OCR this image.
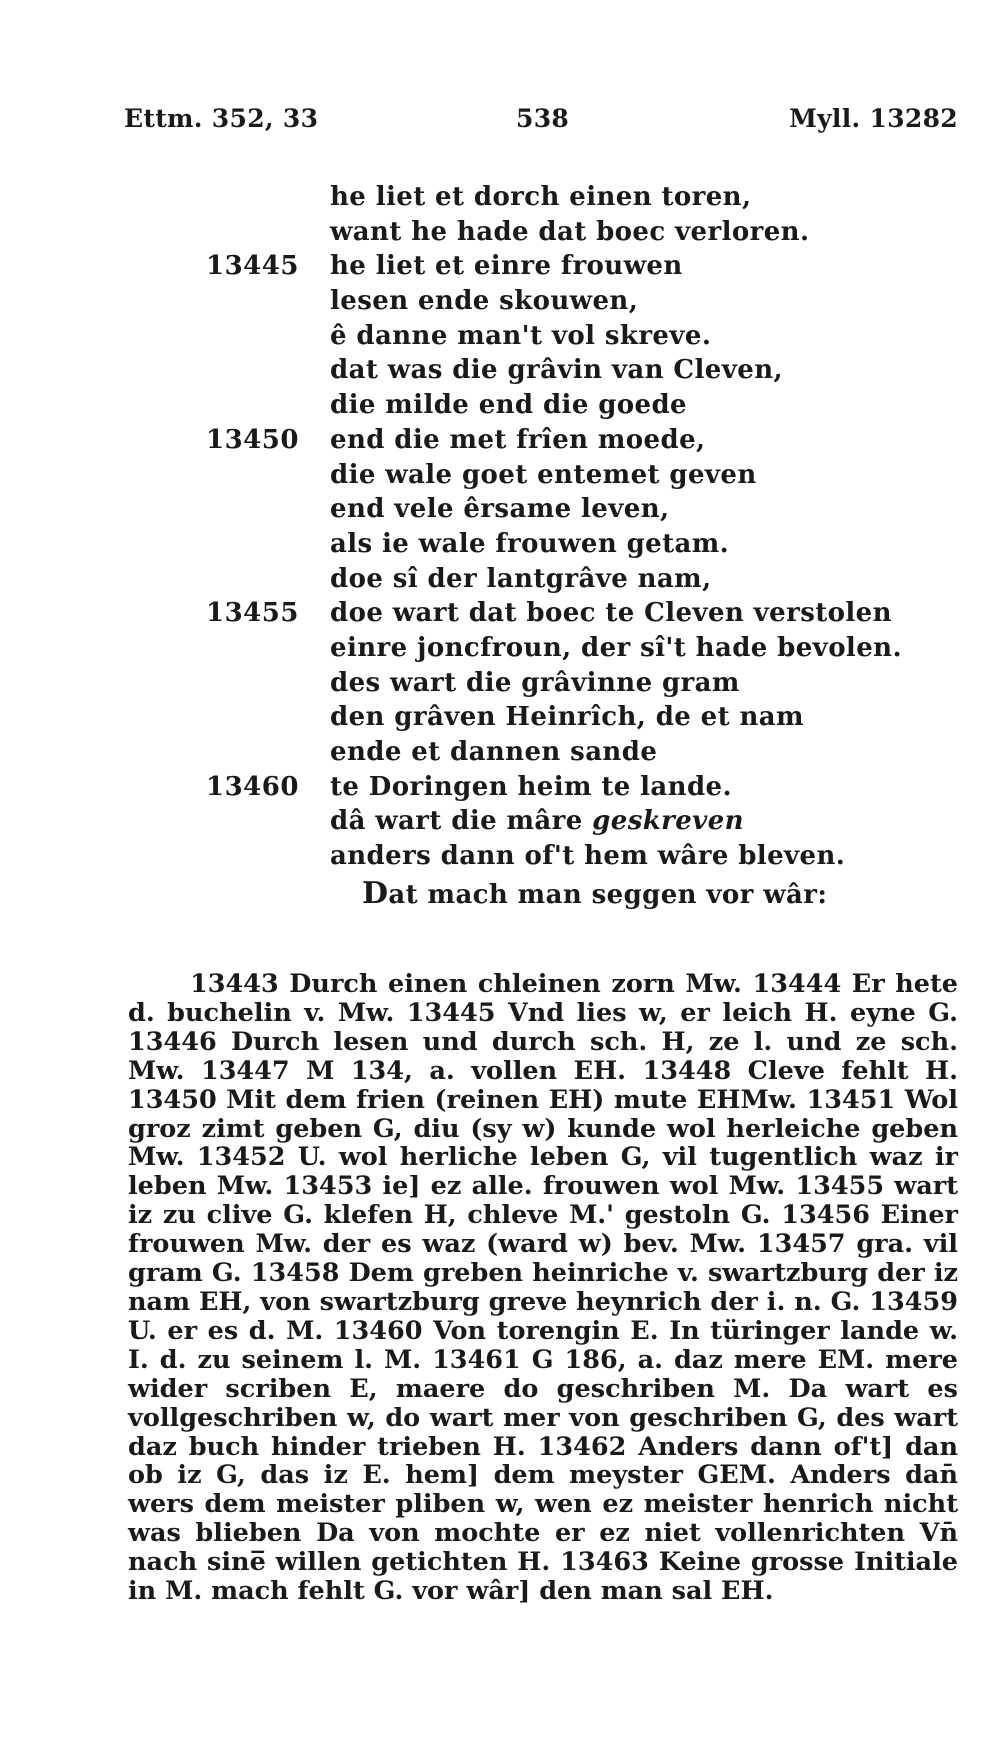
Ettm. 352, 33	538	Myll. 13282
he liet et dorch einen toren,
want he hade dat boec verloren.
13445 he liet et einre frouwen
lesen ende skouwen,
ê danne man't vol skreve.
dat was die grâvin van Cleven,
die milde end die goede
13450 end die met frîen moede,
die wale goet entemet geven
end vele êrsame leven,
als ie wale frouwen getam.
doe sî der lantgrâve nam,
13455 doe wart dat boec te Cleven verstolen
einre joncfroun, der sî't hade bevolen.
des wart die grâvinne gram
den grâven Heinrîch, de et nam
ende et dannen sande
13460 te Doringen heim te lande.
dâ wart die mâre geskreven
anders dann of't hem wâre bleven.
Dat mach man seggen vor wâr:

13443 Durch einen chleinen zorn Mw. 13444 Er hete d. buchelin v. Mw. 13445 Vnd lies w, er leich H. eyne G. 13446 Durch lesen und durch sch. H, ze l. und ze sch. Mw. 13447 M 134, a. vollen EH. 13448 Cleve fehlt H. 13450 Mit dem frien (reinen EH) mute EHMw. 13451 Wol groz zimt geben G, diu (sy w) kunde wol herleiche geben Mw. 13452 U. wol herliche leben G, vil tugentlich waz ir leben Mw. 13453 ie] ez alle. frouwen wol Mw. 13455 wart iz zu clive G. klefen H, chleve M.' gestoln G. 13456 Einer frouwen Mw. der es waz (ward w) bev. Mw. 13457 gra. vil gram G. 13458 Dem greben heinriche v. swartzburg der iz nam EH, von swartzburg greve heynrich der i. n. G. 13459 U. er es d. M. 13460 Von torengin E. In türinger lande w. I. d. zu seinem l. M. 13461 G 186, a. daz mere EM. mere wider scriben E, maere do geschriben M. Da wart es vollgeschriben w, do wart mer von geschriben G, des wart daz buch hinder trieben H. 13462 Anders dann of't] dan ob iz G, das iz E. hem] dem meyster GEM. Anders dan̄ wers dem meister pliben w, wen ez meister henrich nicht was blieben Da von mochte er ez niet vollenrichten Vn̄ nach sine̅ willen getichten H. 13463 Keine grosse Initiale in M. mach fehlt G. vor wâr] den man sal EH.
